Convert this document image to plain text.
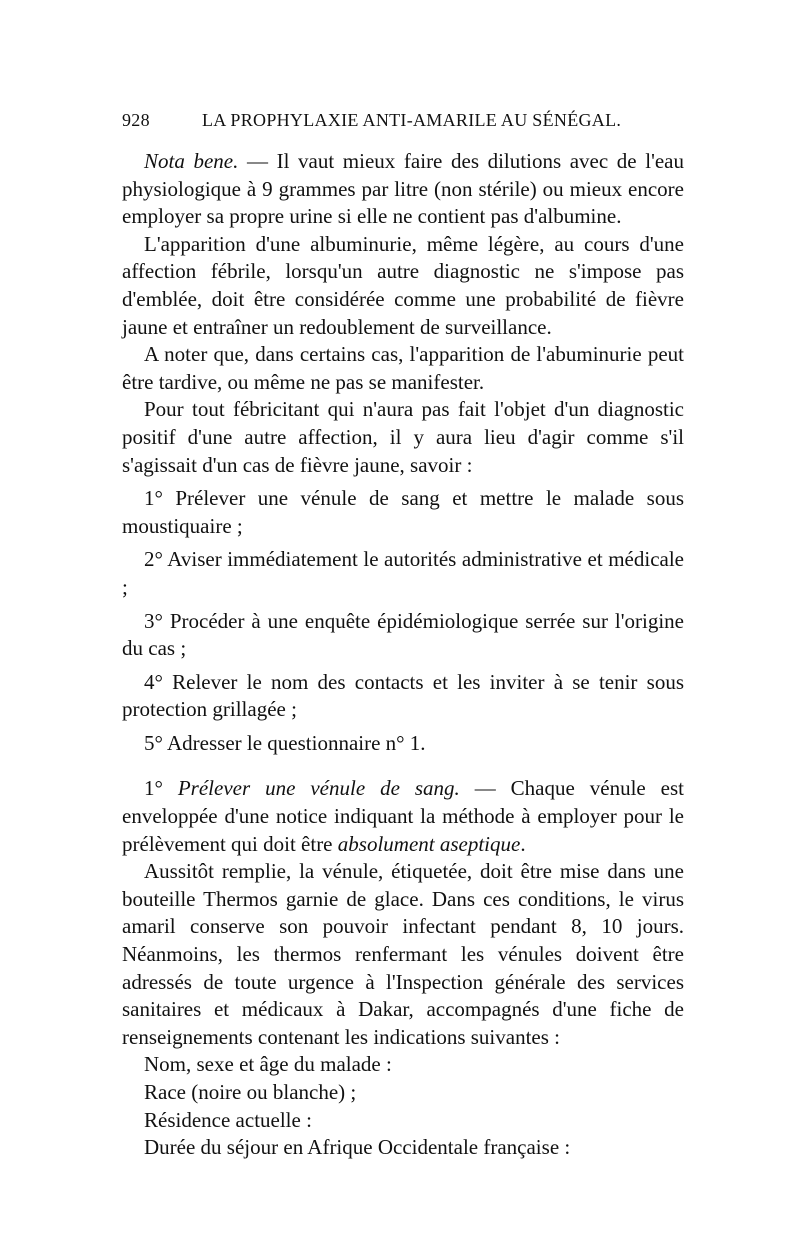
928	LA PROPHYLAXIE ANTI-AMARILE AU SÉNÉGAL.

Nota bene. — Il vaut mieux faire des dilutions avec de l'eau physiologique à 9 grammes par litre (non stérile) ou mieux encore employer sa propre urine si elle ne contient pas d'albumine.

L'apparition d'une albuminurie, même légère, au cours d'une affection fébrile, lorsqu'un autre diagnostic ne s'impose pas d'emblée, doit être considérée comme une probabilité de fièvre jaune et entraîner un redoublement de surveillance.

A noter que, dans certains cas, l'apparition de l'abuminurie peut être tardive, ou même ne pas se manifester.

Pour tout fébricitant qui n'aura pas fait l'objet d'un diagnostic positif d'une autre affection, il y aura lieu d'agir comme s'il s'agissait d'un cas de fièvre jaune, savoir :

1° Prélever une vénule de sang et mettre le malade sous moustiquaire ;

2° Aviser immédiatement le autorités administrative et médicale ;

3° Procéder à une enquête épidémiologique serrée sur l'origine du cas ;

4° Relever le nom des contacts et les inviter à se tenir sous protection grillagée ;

5° Adresser le questionnaire n° 1.

1° Prélever une vénule de sang. — Chaque vénule est enveloppée d'une notice indiquant la méthode à employer pour le prélèvement qui doit être absolument aseptique.

Aussitôt remplie, la vénule, étiquetée, doit être mise dans une bouteille Thermos garnie de glace. Dans ces conditions, le virus amaril conserve son pouvoir infectant pendant 8, 10 jours. Néanmoins, les thermos renfermant les vénules doivent être adressés de toute urgence à l'Inspection générale des services sanitaires et médicaux à Dakar, accompagnés d'une fiche de renseignements contenant les indications suivantes :

Nom, sexe et âge du malade :

Race (noire ou blanche) ;

Résidence actuelle :

Durée du séjour en Afrique Occidentale française :
